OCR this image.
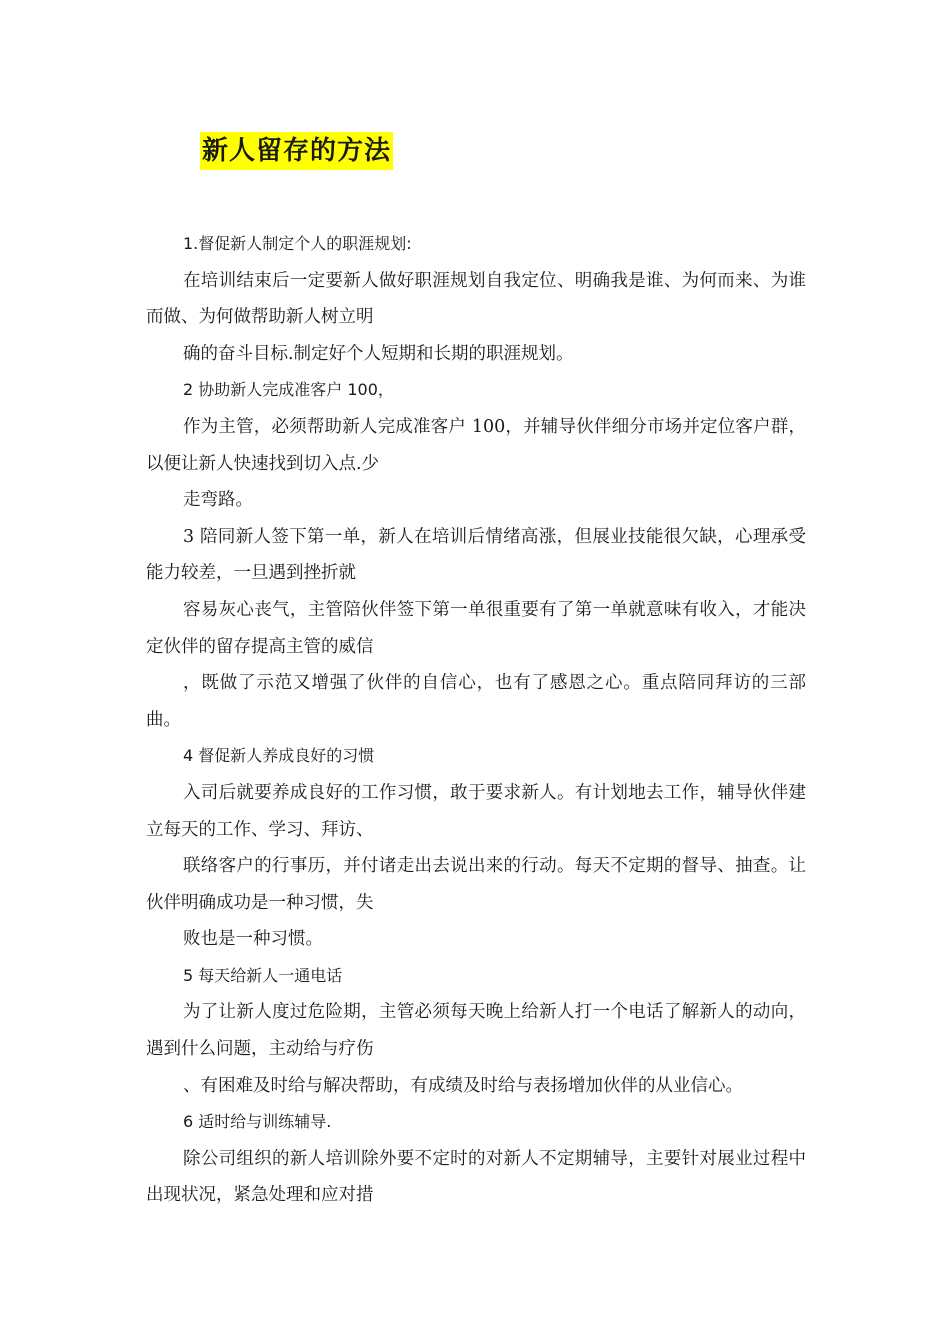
新人留存的方法

1.督促新人制定个人的职涯规划:

在培训结束后一定要新人做好职涯规划自我定位、明确我是谁、为何而来、为谁而做、为何做帮助新人树立明

确的奋斗目标.制定好个人短期和长期的职涯规划。

2 协助新人完成准客户 100，

作为主管，必须帮助新人完成准客户 100，并辅导伙伴细分市场并定位客户群，以便让新人快速找到切入点.少

走弯路。

3 陪同新人签下第一单，新人在培训后情绪高涨，但展业技能很欠缺，心理承受能力较差，一旦遇到挫折就

容易灰心丧气，主管陪伙伴签下第一单很重要有了第一单就意味有收入，才能决定伙伴的留存提高主管的威信

，既做了示范又增强了伙伴的自信心，也有了感恩之心。重点陪同拜访的三部曲。

4 督促新人养成良好的习惯

入司后就要养成良好的工作习惯，敢于要求新人。有计划地去工作，辅导伙伴建立每天的工作、学习、拜访、

联络客户的行事历，并付诸走出去说出来的行动。每天不定期的督导、抽查。让伙伴明确成功是一种习惯，失

败也是一种习惯。

5 每天给新人一通电话

为了让新人度过危险期，主管必须每天晚上给新人打一个电话了解新人的动向，遇到什么问题，主动给与疗伤

、有困难及时给与解决帮助，有成绩及时给与表扬增加伙伴的从业信心。

6 适时给与训练辅导.

除公司组织的新人培训除外要不定时的对新人不定期辅导，主要针对展业过程中出现状况，紧急处理和应对措
